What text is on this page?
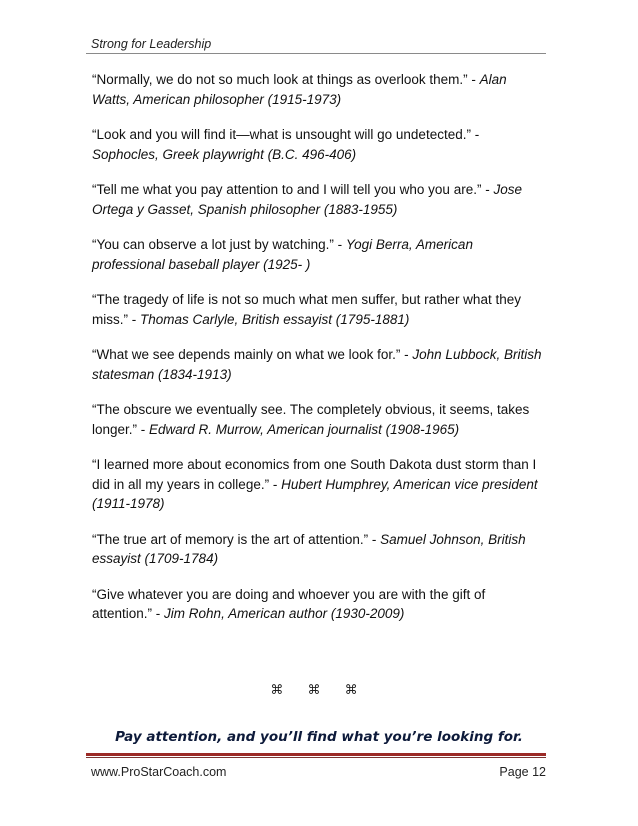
Strong for Leadership

“Normally, we do not so much look at things as overlook them.” - Alan Watts, American philosopher (1915-1973)

“Look and you will find it—what is unsought will go undetected.” - Sophocles, Greek playwright (B.C. 496-406)

“Tell me what you pay attention to and I will tell you who you are.” - Jose Ortega y Gasset, Spanish philosopher (1883-1955)

“You can observe a lot just by watching.” - Yogi Berra, American professional baseball player (1925- )

“The tragedy of life is not so much what men suffer, but rather what they miss.” - Thomas Carlyle, British essayist (1795-1881)

“What we see depends mainly on what we look for.” - John Lubbock, British statesman (1834-1913)

“The obscure we eventually see. The completely obvious, it seems, takes longer.” - Edward R. Murrow, American journalist (1908-1965)

“I learned more about economics from one South Dakota dust storm than I did in all my years in college.” - Hubert Humphrey, American vice president (1911-1978)

“The true art of memory is the art of attention.” - Samuel Johnson, British essayist (1709-1784)

“Give whatever you are doing and whoever you are with the gift of attention.” - Jim Rohn, American author (1930-2009)

⌘ ⌘ ⌘
Pay attention, and you’ll find what you’re looking for.
www.ProStarCoach.com	Page 12
